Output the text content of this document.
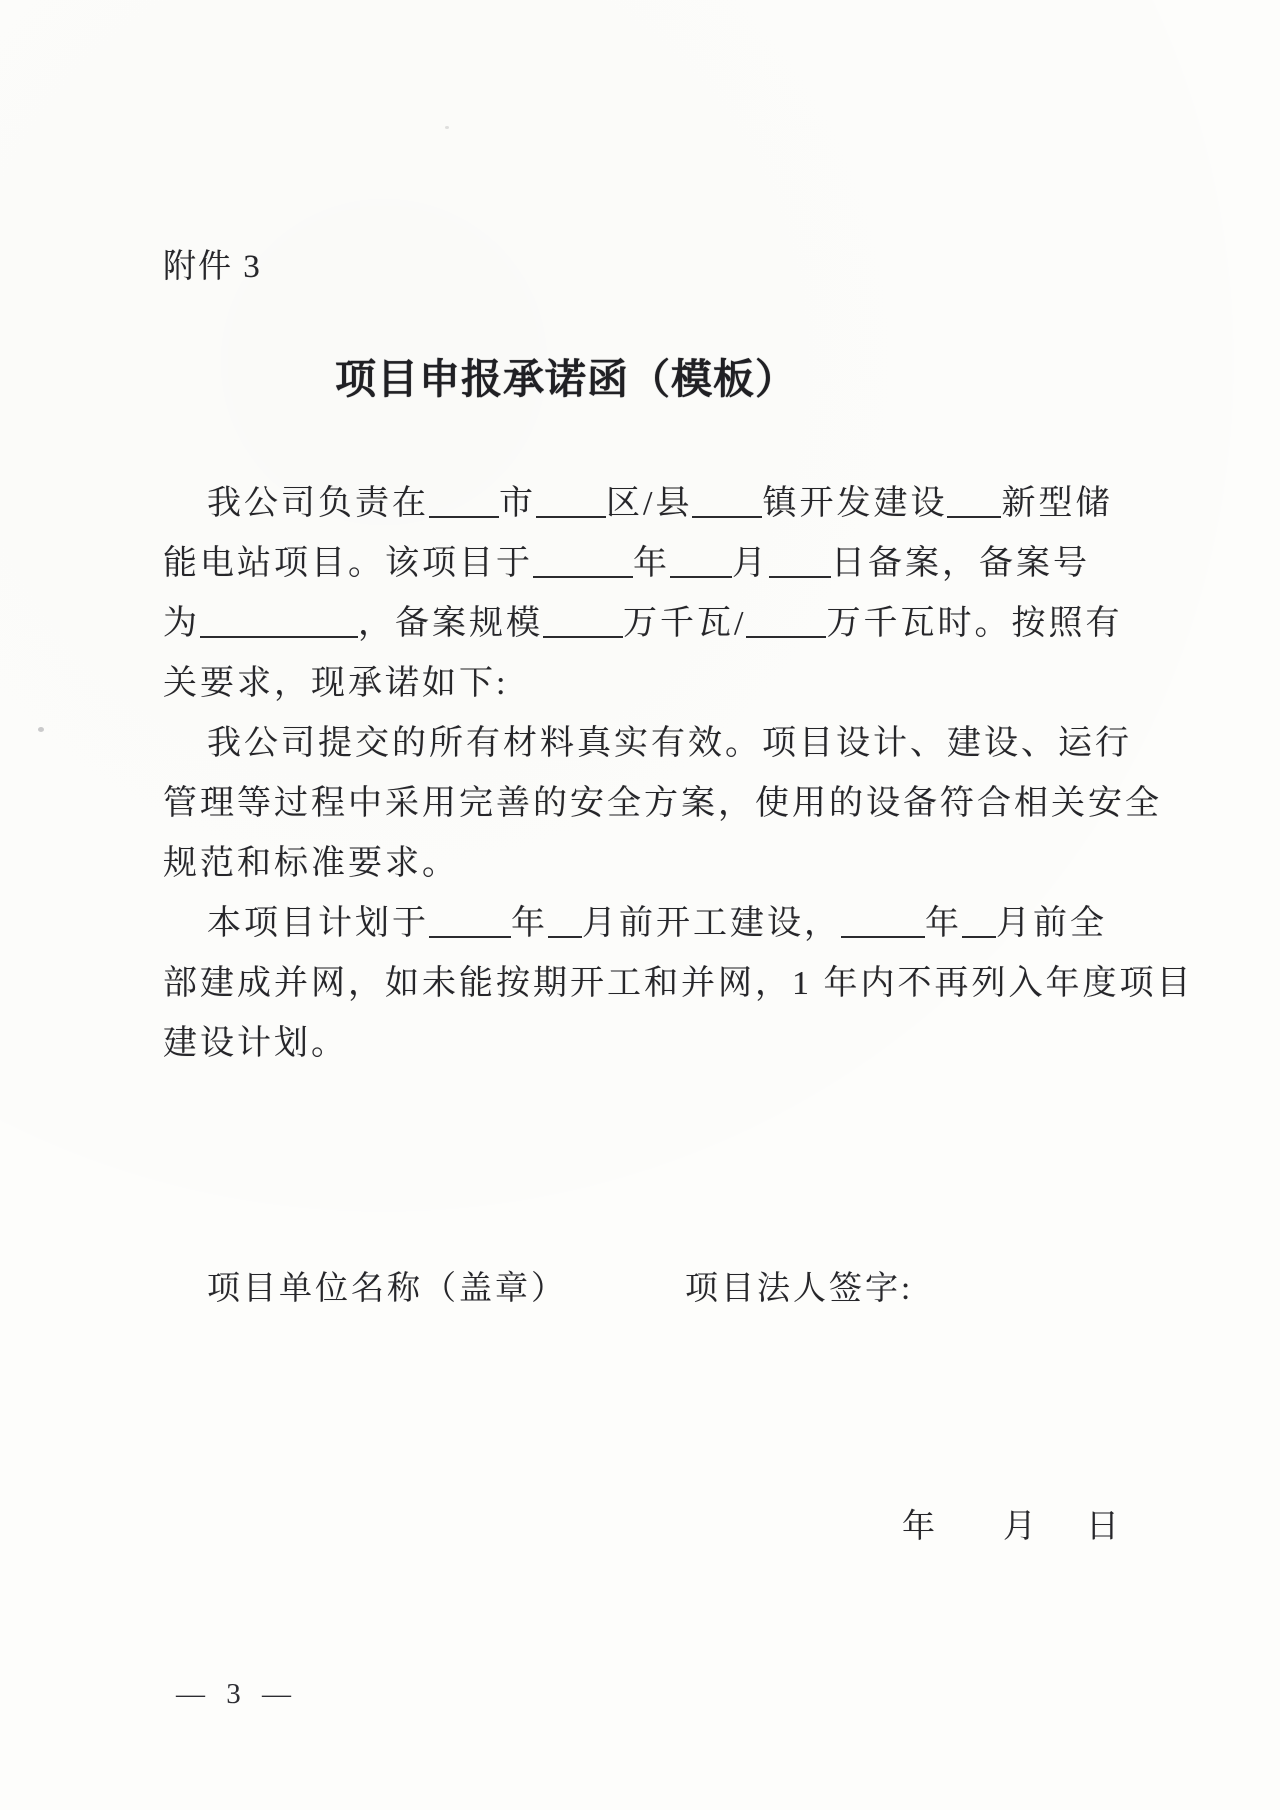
附件 3
项目申报承诺函（模板）
我公司负责在 市 区/县 镇开发建设 新型储
能电站项目。该项目于	年 月 日备案，备案号
为	，备案规模 万千瓦/ 万千瓦时。按照有
关要求，现承诺如下:
我公司提交的所有材料真实有效。项目设计、建设、运行
管理等过程中采用完善的安全方案，使用的设备符合相关安全
规范和标准要求。
本项目计划于 年 月前开工建设， 年 月前全
部建成并网，如未能按期开工和并网，1 年内不再列入年度项目
建设计划。
项目单位名称（盖章）	项目法人签字:
年 月 日
— 3 —
